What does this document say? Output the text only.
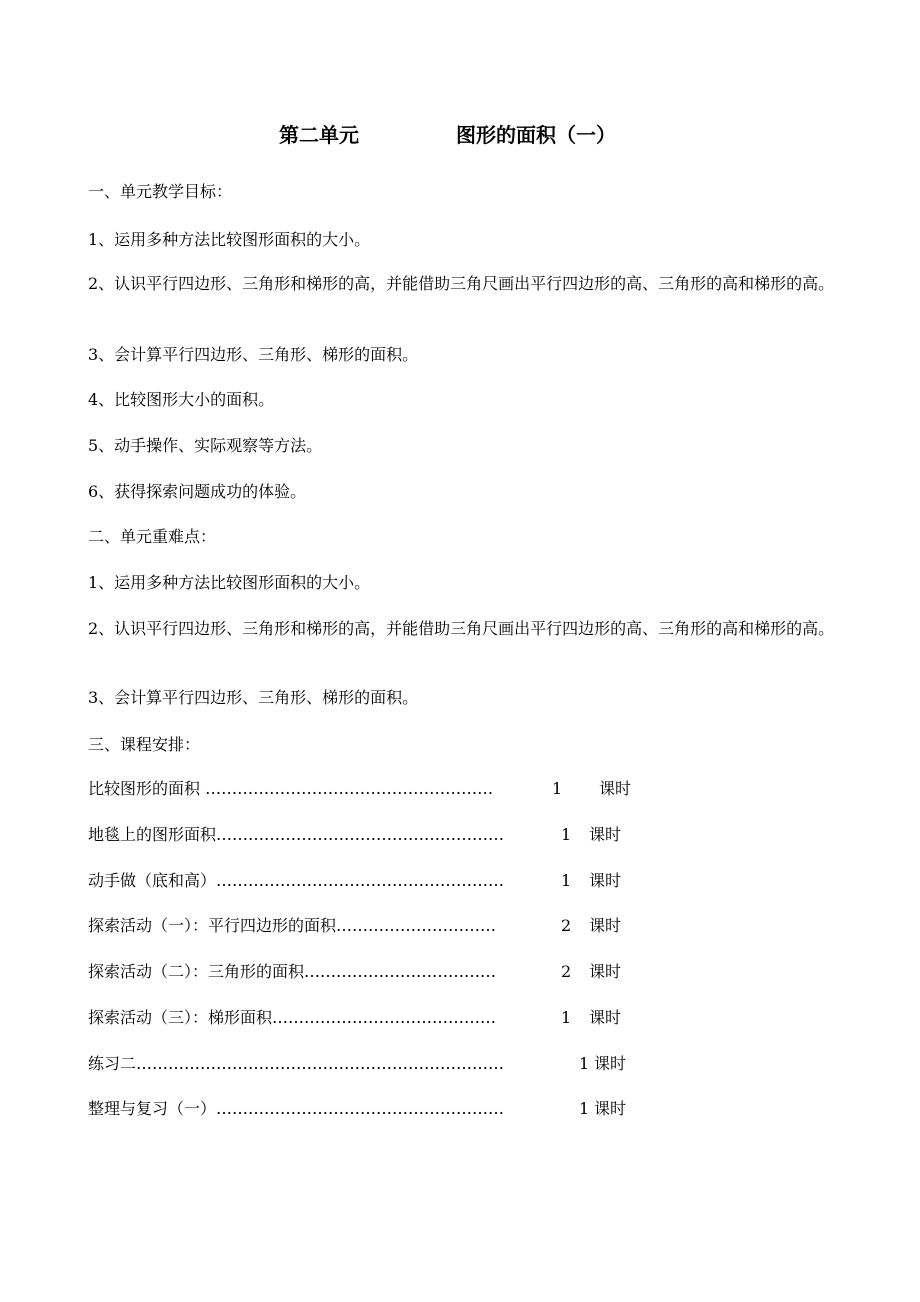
第二单元	图形的面积（一）
一、单元教学目标：
1、运用多种方法比较图形面积的大小。
2、认识平行四边形、三角形和梯形的高，并能借助三角尺画出平行四边形的高、三角形的高和梯形的高。
3、会计算平行四边形、三角形、梯形的面积。
4、比较图形大小的面积。
5、动手操作、实际观察等方法。
6、获得探索问题成功的体验。
二、单元重难点：
1、运用多种方法比较图形面积的大小。
2、认识平行四边形、三角形和梯形的高，并能借助三角尺画出平行四边形的高、三角形的高和梯形的高。
3、会计算平行四边形、三角形、梯形的面积。
三、课程安排：
比较图形的面积 ………………………………………………	1 课时
地毯上的图形面积………………………………………………	1 课时
动手做（底和高）………………………………………………	1 课时
探索活动（一）：平行四边形的面积…………………………	2 课时
探索活动（二）：三角形的面积………………………………	2 课时
探索活动（三）：梯形面积……………………………………	1 课时
练习二……………………………………………………………	1 课时
整理与复习（一）………………………………………………	1 课时
